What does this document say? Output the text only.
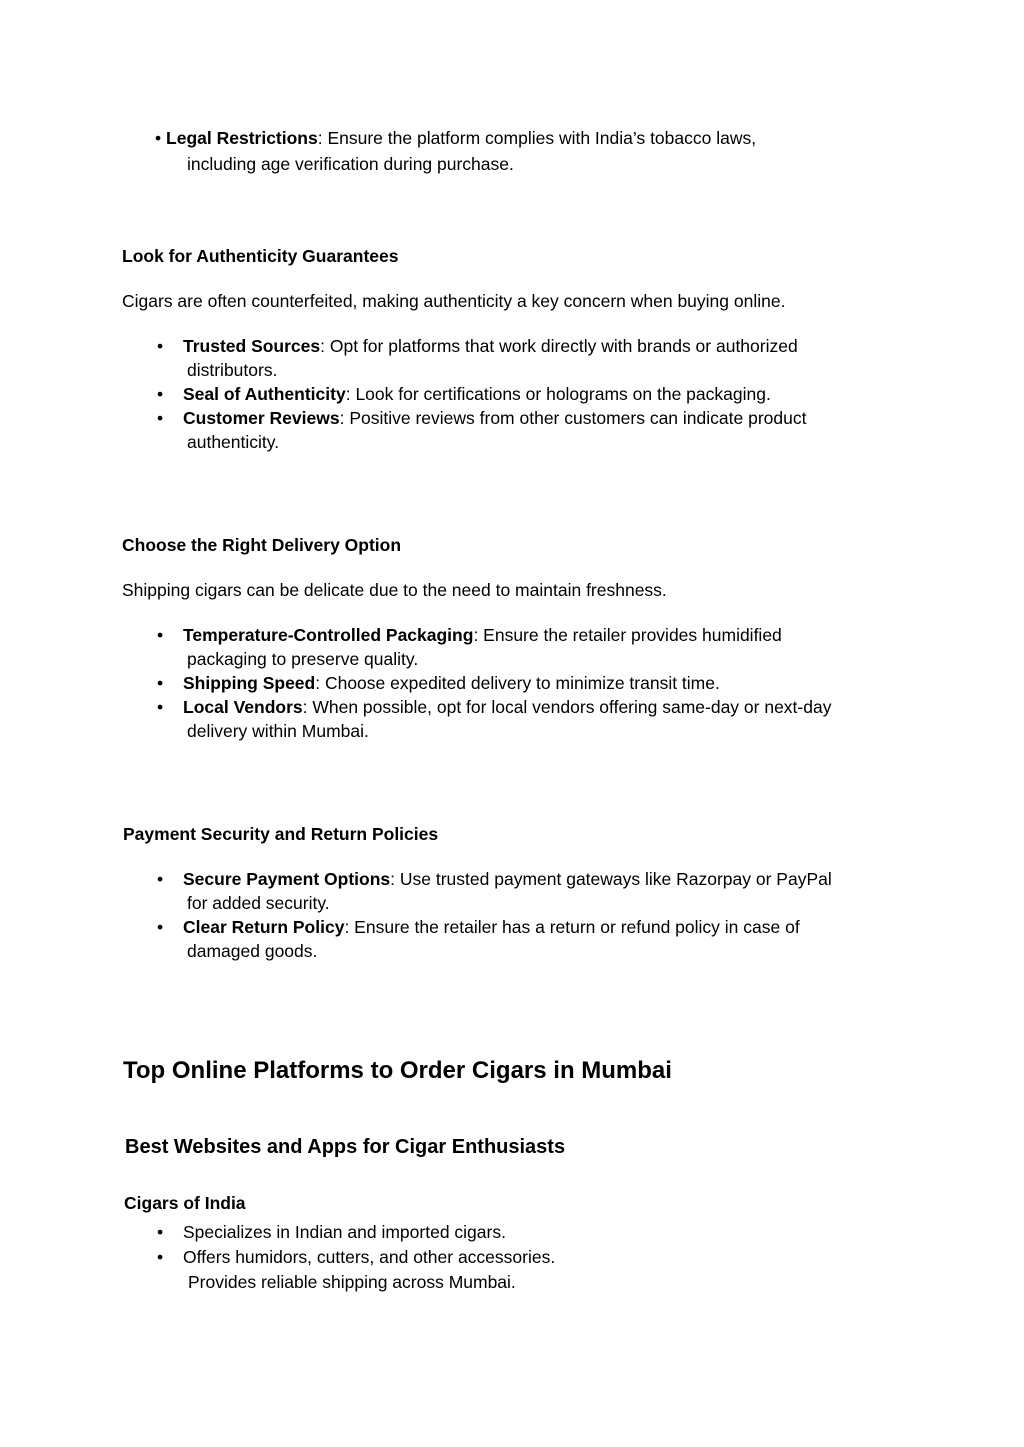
• Legal Restrictions: Ensure the platform complies with India’s tobacco laws,
including age verification during purchase.
Look for Authenticity Guarantees
Cigars are often counterfeited, making authenticity a key concern when buying online.
• Trusted Sources: Opt for platforms that work directly with brands or authorized
distributors.
• Seal of Authenticity: Look for certifications or holograms on the packaging.
• Customer Reviews: Positive reviews from other customers can indicate product
authenticity.
Choose the Right Delivery Option
Shipping cigars can be delicate due to the need to maintain freshness.
• Temperature-Controlled Packaging: Ensure the retailer provides humidified
packaging to preserve quality.
• Shipping Speed: Choose expedited delivery to minimize transit time.
• Local Vendors: When possible, opt for local vendors offering same-day or next-day
delivery within Mumbai.
Payment Security and Return Policies
• Secure Payment Options: Use trusted payment gateways like Razorpay or PayPal
for added security.
• Clear Return Policy: Ensure the retailer has a return or refund policy in case of
damaged goods.
Top Online Platforms to Order Cigars in Mumbai
Best Websites and Apps for Cigar Enthusiasts
Cigars of India
• Specializes in Indian and imported cigars.
• Offers humidors, cutters, and other accessories.
Provides reliable shipping across Mumbai.
